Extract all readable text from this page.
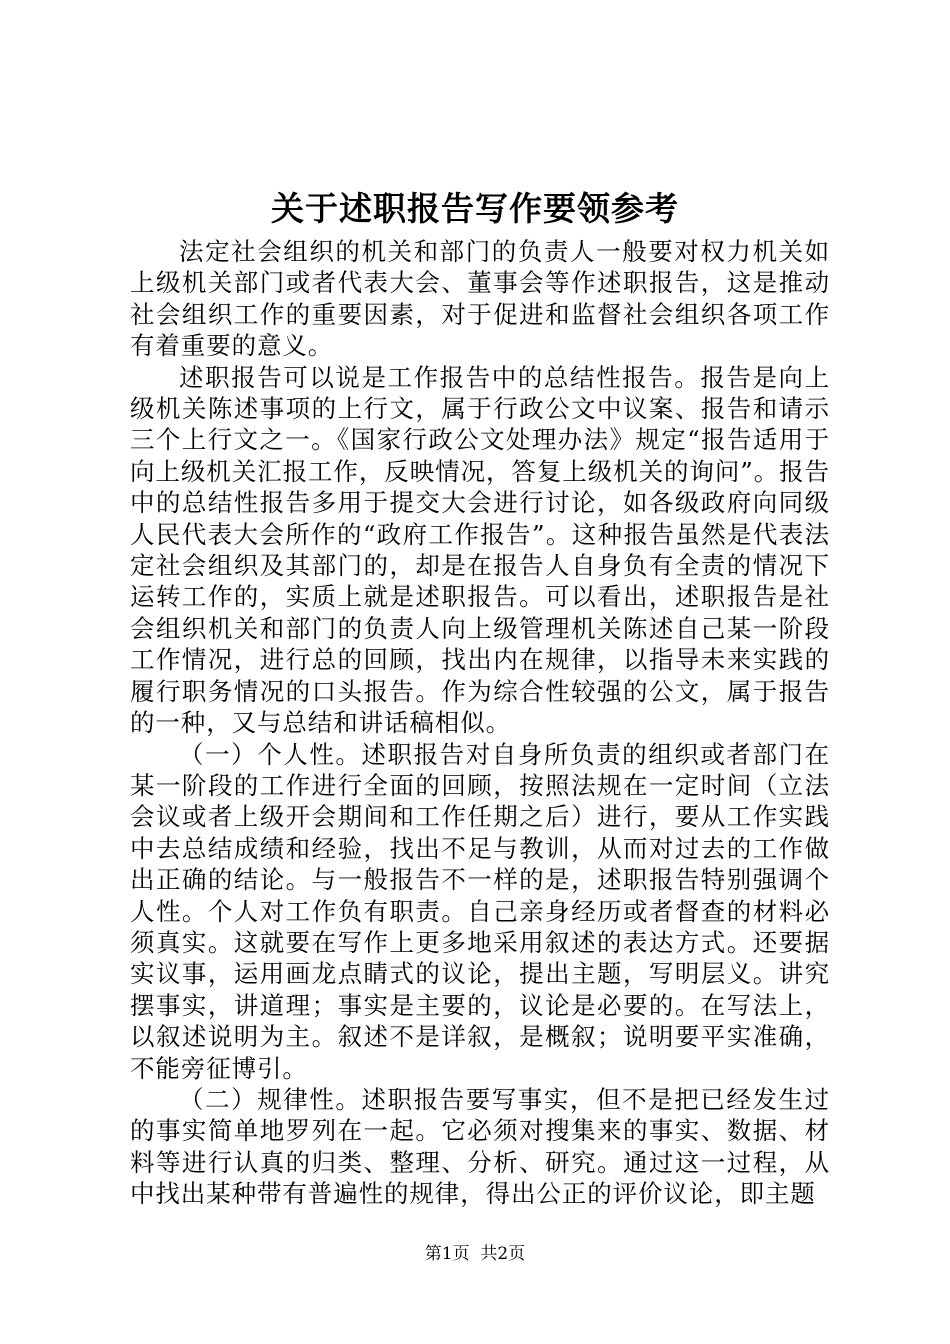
关于述职报告写作要领参考

法定社会组织的机关和部门的负责人一般要对权力机关如上级机关部门或者代表大会、董事会等作述职报告，这是推动社会组织工作的重要因素，对于促进和监督社会组织各项工作有着重要的意义。

述职报告可以说是工作报告中的总结性报告。报告是向上级机关陈述事项的上行文，属于行政公文中议案、报告和请示三个上行文之一。《国家行政公文处理办法》规定“报告适用于向上级机关汇报工作，反映情况，答复上级机关的询问”。报告中的总结性报告多用于提交大会进行讨论，如各级政府向同级人民代表大会所作的“政府工作报告”。这种报告虽然是代表法定社会组织及其部门的，却是在报告人自身负有全责的情况下运转工作的，实质上就是述职报告。可以看出，述职报告是社会组织机关和部门的负责人向上级管理机关陈述自己某一阶段工作情况，进行总的回顾，找出内在规律，以指导未来实践的履行职务情况的口头报告。作为综合性较强的公文，属于报告的一种，又与总结和讲话稿相似。

（一）个人性。述职报告对自身所负责的组织或者部门在某一阶段的工作进行全面的回顾，按照法规在一定时间（立法会议或者上级开会期间和工作任期之后）进行，要从工作实践中去总结成绩和经验，找出不足与教训，从而对过去的工作做出正确的结论。与一般报告不一样的是，述职报告特别强调个人性。个人对工作负有职责。自己亲身经历或者督查的材料必须真实。这就要在写作上更多地采用叙述的表达方式。还要据实议事，运用画龙点睛式的议论，提出主题，写明层义。讲究摆事实，讲道理；事实是主要的，议论是必要的。在写法上，以叙述说明为主。叙述不是详叙，是概叙；说明要平实准确，不能旁征博引。

（二）规律性。述职报告要写事实，但不是把已经发生过的事实简单地罗列在一起。它必须对搜集来的事实、数据、材料等进行认真的归类、整理、分析、研究。通过这一过程，从中找出某种带有普遍性的规律，得出公正的评价议论，即主题

第1页 共2页
